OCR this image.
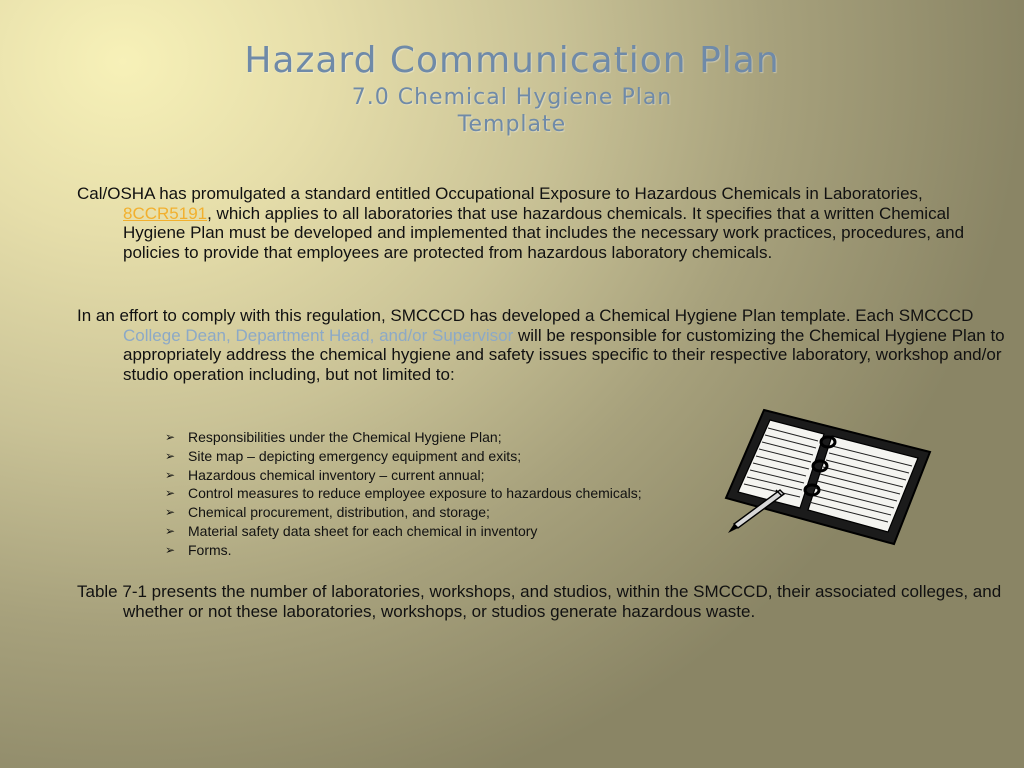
Hazard Communication Plan
7.0 Chemical Hygiene Plan
Template

Cal/OSHA has promulgated a standard entitled Occupational Exposure to Hazardous Chemicals in Laboratories, 8CCR5191, which applies to all laboratories that use hazardous chemicals. It specifies that a written Chemical Hygiene Plan must be developed and implemented that includes the necessary work practices, procedures, and policies to provide that employees are protected from hazardous laboratory chemicals.

In an effort to comply with this regulation, SMCCCD has developed a Chemical Hygiene Plan template. Each SMCCCD College Dean, Department Head, and/or Supervisor will be responsible for customizing the Chemical Hygiene Plan to appropriately address the chemical hygiene and safety issues specific to their respective laboratory, workshop and/or studio operation including, but not limited to:

➢ Responsibilities under the Chemical Hygiene Plan;
➢ Site map – depicting emergency equipment and exits;
➢ Hazardous chemical inventory – current annual;
➢ Control measures to reduce employee exposure to hazardous chemicals;
➢ Chemical procurement, distribution, and storage;
➢ Material safety data sheet for each chemical in inventory
➢ Forms.

Table 7-1 presents the number of laboratories, workshops, and studios, within the SMCCCD, their associated colleges, and whether or not these laboratories, workshops, or studios generate hazardous waste.
